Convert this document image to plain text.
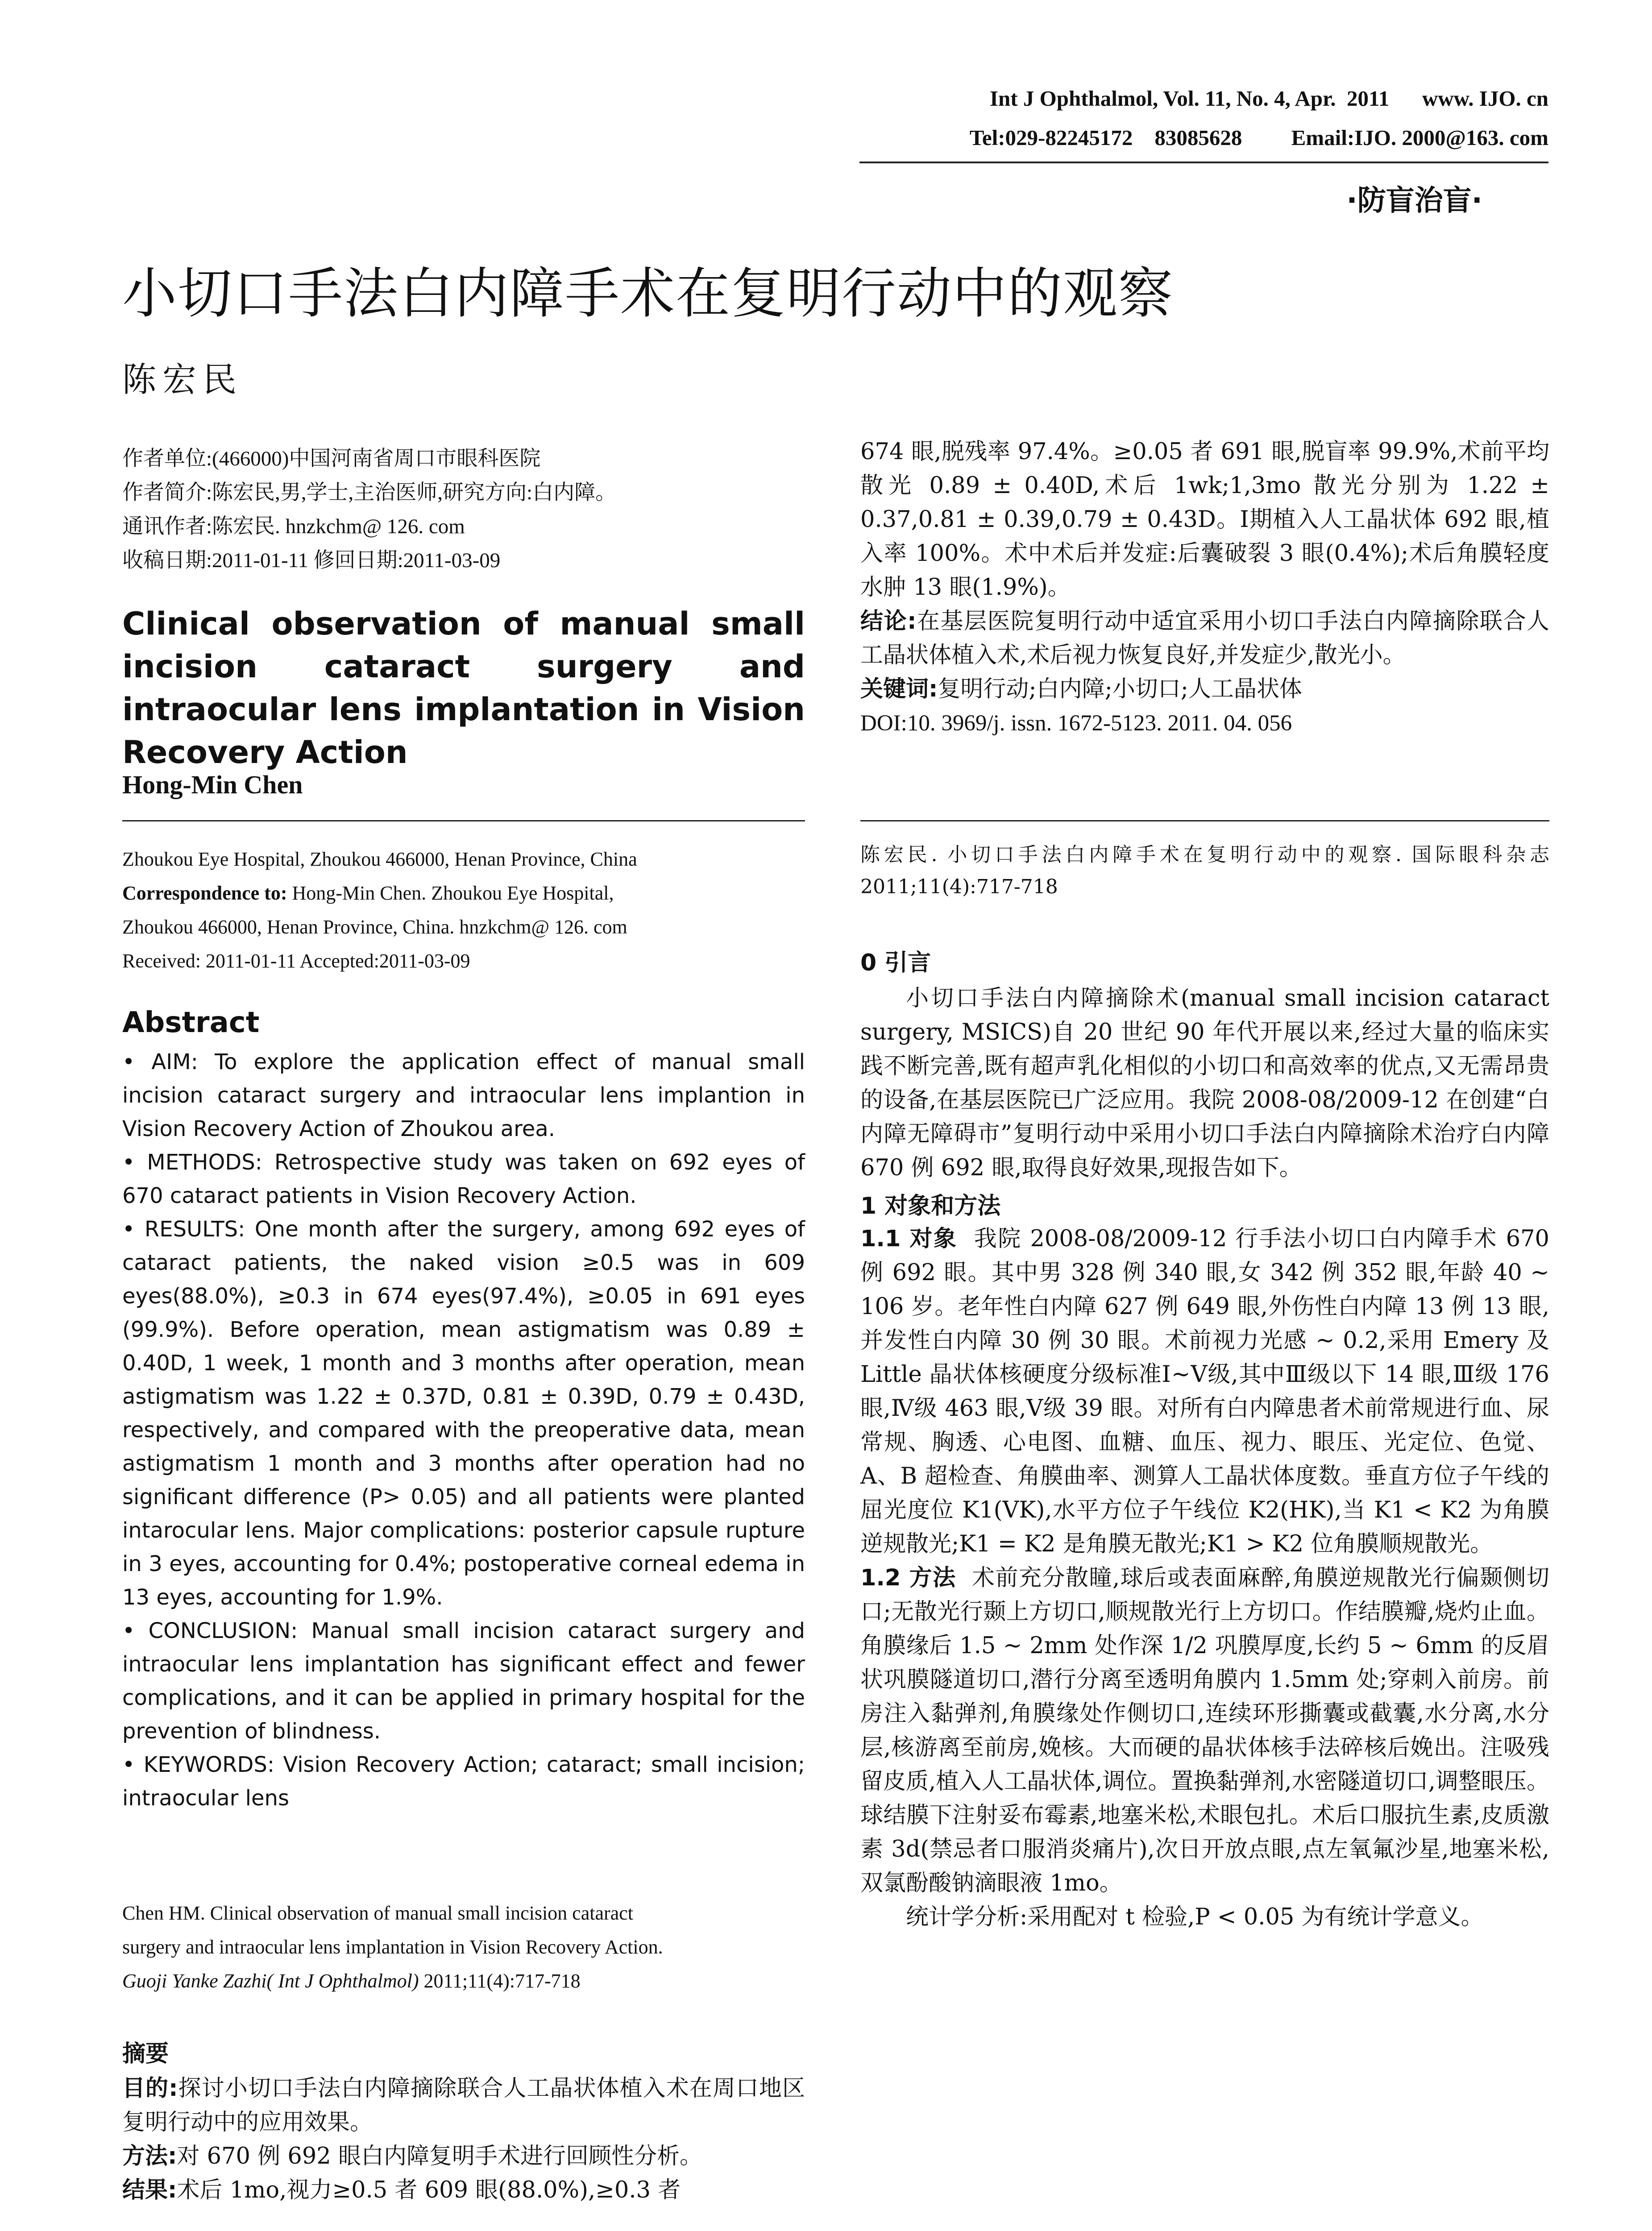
Int J Ophthalmol, Vol. 11, No. 4, Apr.  2011      www. IJO. cn
Tel:029-82245172    83085628         Email:IJO. 2000@163. com
·防盲治盲·
小切口手法白内障手术在复明行动中的观察
陈宏民
作者单位:(466000)中国河南省周口市眼科医院
作者简介:陈宏民,男,学士,主治医师,研究方向:白内障。
通讯作者:陈宏民. hnzkchm@ 126. com
收稿日期:2011-01-11 修回日期:2011-03-09
Clinical observation of manual small incision cataract surgery and intraocular lens implantation in Vision Recovery Action
Hong-Min Chen
Zhoukou Eye Hospital, Zhoukou 466000, Henan Province, China
Correspondence to: Hong-Min Chen. Zhoukou Eye Hospital,
Zhoukou 466000, Henan Province, China. hnzkchm@ 126. com
Received: 2011-01-11 Accepted:2011-03-09
Abstract

• AIM: To explore the application effect of manual small incision cataract surgery and intraocular lens implantion in Vision Recovery Action of Zhoukou area.

• METHODS: Retrospective study was taken on 692 eyes of 670 cataract patients in Vision Recovery Action.

• RESULTS: One month after the surgery, among 692 eyes of cataract patients, the naked vision ≥0.5 was in 609 eyes(88.0%), ≥0.3 in 674 eyes(97.4%), ≥0.05 in 691 eyes (99.9%). Before operation, mean astigmatism was 0.89 ± 0.40D, 1 week, 1 month and 3 months after operation, mean astigmatism was 1.22 ± 0.37D, 0.81 ± 0.39D, 0.79 ± 0.43D, respectively, and compared with the preoperative data, mean astigmatism 1 month and 3 months after operation had no significant difference (P> 0.05) and all patients were planted intarocular lens. Major complications: posterior capsule rupture in 3 eyes, accounting for 0.4%; postoperative corneal edema in 13 eyes, accounting for 1.9%.

• CONCLUSION: Manual small incision cataract surgery and intraocular lens implantation has significant effect and fewer complications, and it can be applied in primary hospital for the prevention of blindness.

• KEYWORDS: Vision Recovery Action; cataract; small incision; intraocular lens

Chen HM. Clinical observation of manual small incision cataract
surgery and intraocular lens implantation in Vision Recovery Action.
Guoji Yanke Zazhi( Int J Ophthalmol) 2011;11(4):717-718
摘要

目的:探讨小切口手法白内障摘除联合人工晶状体植入术在周口地区复明行动中的应用效果。

方法:对 670 例 692 眼白内障复明手术进行回顾性分析。

结果:术后 1mo,视力≥0.5 者 609 眼(88.0%),≥0.3 者

674 眼,脱残率 97.4%。≥0.05 者 691 眼,脱盲率 99.9%,术前平均散光 0.89 ± 0.40D,术后 1wk;1,3mo 散光分别为 1.22 ± 0.37,0.81 ± 0.39,0.79 ± 0.43D。Ⅰ期植入人工晶状体 692 眼,植入率 100%。术中术后并发症:后囊破裂 3 眼(0.4%);术后角膜轻度水肿 13 眼(1.9%)。

结论:在基层医院复明行动中适宜采用小切口手法白内障摘除联合人工晶状体植入术,术后视力恢复良好,并发症少,散光小。

关键词:复明行动;白内障;小切口;人工晶状体

DOI:10. 3969/j. issn. 1672-5123. 2011. 04. 056

陈宏民. 小切口手法白内障手术在复明行动中的观察. 国际眼科杂志 2011;11(4):717-718

0 引言

小切口手法白内障摘除术(manual small incision cataract surgery, MSICS)自 20 世纪 90 年代开展以来,经过大量的临床实践不断完善,既有超声乳化相似的小切口和高效率的优点,又无需昂贵的设备,在基层医院已广泛应用。我院 2008-08/2009-12 在创建“白内障无障碍市”复明行动中采用小切口手法白内障摘除术治疗白内障 670 例 692 眼,取得良好效果,现报告如下。

1 对象和方法

1.1 对象 我院 2008-08/2009-12 行手法小切口白内障手术 670 例 692 眼。其中男 328 例 340 眼,女 342 例 352 眼,年龄 40 ~ 106 岁。老年性白内障 627 例 649 眼,外伤性白内障 13 例 13 眼,并发性白内障 30 例 30 眼。术前视力光感 ~ 0.2,采用 Emery 及 Little 晶状体核硬度分级标准Ⅰ~Ⅴ级,其中Ⅲ级以下 14 眼,Ⅲ级 176 眼,Ⅳ级 463 眼,Ⅴ级 39 眼。对所有白内障患者术前常规进行血、尿常规、胸透、心电图、血糖、血压、视力、眼压、光定位、色觉、A、B 超检查、角膜曲率、测算人工晶状体度数。垂直方位子午线的屈光度位 K1(VK),水平方位子午线位 K2(HK),当 K1 < K2 为角膜逆规散光;K1 = K2 是角膜无散光;K1 > K2 位角膜顺规散光。

1.2 方法 术前充分散瞳,球后或表面麻醉,角膜逆规散光行偏颞侧切口;无散光行颞上方切口,顺规散光行上方切口。作结膜瓣,烧灼止血。角膜缘后 1.5 ~ 2mm 处作深 1/2 巩膜厚度,长约 5 ~ 6mm 的反眉状巩膜隧道切口,潜行分离至透明角膜内 1.5mm 处;穿刺入前房。前房注入黏弹剂,角膜缘处作侧切口,连续环形撕囊或截囊,水分离,水分层,核游离至前房,娩核。大而硬的晶状体核手法碎核后娩出。注吸残留皮质,植入人工晶状体,调位。置换黏弹剂,水密隧道切口,调整眼压。球结膜下注射妥布霉素,地塞米松,术眼包扎。术后口服抗生素,皮质激素 3d(禁忌者口服消炎痛片),次日开放点眼,点左氧氟沙星,地塞米松,双氯酚酸钠滴眼液 1mo。

统计学分析:采用配对 t 检验,P < 0.05 为有统计学意义。
